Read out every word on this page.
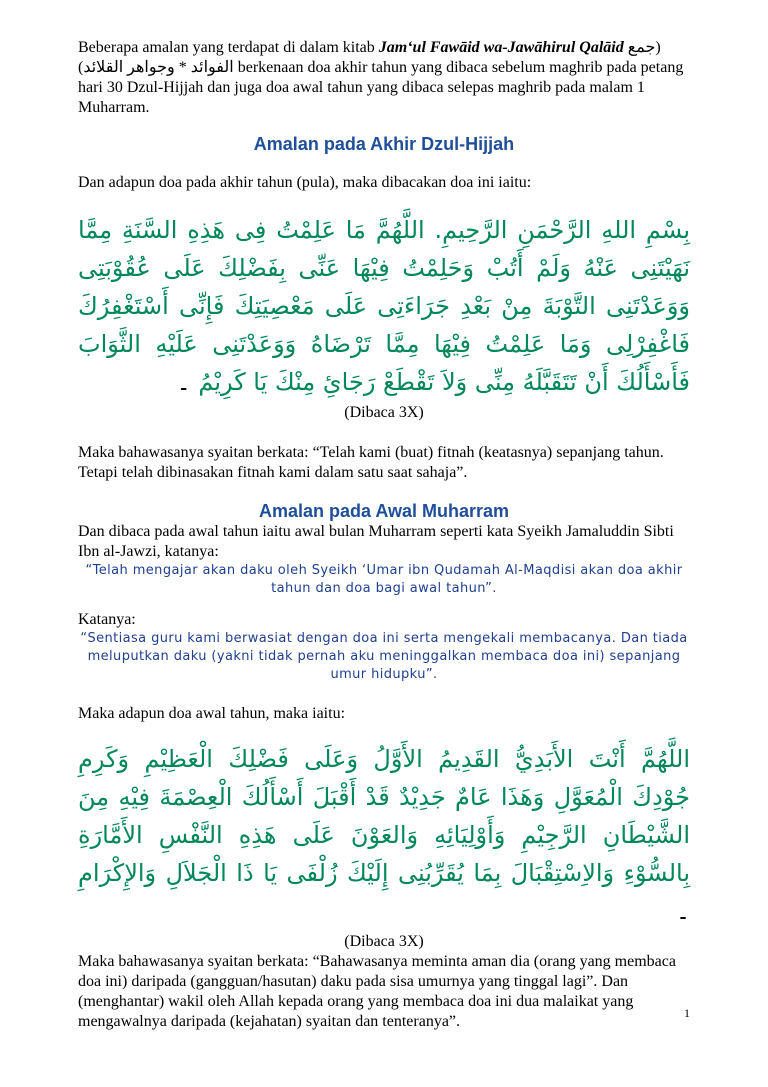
Beberapa amalan yang terdapat di dalam kitab Jam‘ul Fawāid wa-Jawāhirul Qalāid (جمع الفوائد * وجواهر القلائد) berkenaan doa akhir tahun yang dibaca sebelum maghrib pada petang hari 30 Dzul-Hijjah dan juga doa awal tahun yang dibaca selepas maghrib pada malam 1 Muharram.

Amalan pada Akhir Dzul-Hijjah

Dan adapun doa pada akhir tahun (pula), maka dibacakan doa ini iaitu:

بِسْمِ اللهِ الرَّحْمَنِ الرَّحِيمِ. اللَّهُمَّ مَا عَلِمْتُ فِى هَذِهِ السَّنَةِ مِمَّا نَهَيْتَنِى عَنْهُ وَلَمْ أَتُبْ وَحَلِمْتُ فِيْهَا عَنِّى بِفَضْلِكَ عَلَى عُقُوْبَتِى وَوَعَدْتَنِى التَّوْبَةَ مِنْ بَعْدِ جَرَاءَتِى عَلَى مَعْصِيَتِكَ فَإِنِّى أَسْتَغْفِرُكَ فَاغْفِرْلِى وَمَا عَلِمْتُ فِيْهَا مِمَّا تَرْضَاهُ وَوَعَدْتَنِى عَلَيْهِ الثَّوَابَ فَأَسْأَلُكَ أَنْ تَتَقَبَّلَهُ مِنِّى وَلاَ تَقْطَعْ رَجَائِ مِنْكَ يَا كَرِيْمُ ۔

(Dibaca 3X)

Maka bahawasanya syaitan berkata: “Telah kami (buat) fitnah (keatasnya) sepanjang tahun. Tetapi telah dibinasakan fitnah kami dalam satu saat sahaja”.

Amalan pada Awal Muharram

Dan dibaca pada awal tahun iaitu awal bulan Muharram seperti kata Syeikh Jamaluddin Sibti Ibn al-Jawzi, katanya:

“Telah mengajar akan daku oleh Syeikh ‘Umar ibn Qudamah Al-Maqdisi akan doa akhir tahun dan doa bagi awal tahun”.

Katanya:

“Sentiasa guru kami berwasiat dengan doa ini serta mengekali membacanya. Dan tiada meluputkan daku (yakni tidak pernah aku meninggalkan membaca doa ini) sepanjang umur hidupku”.

Maka adapun doa awal tahun, maka iaitu:

اللَّهُمَّ أَنْتَ الأَبَدِيُّ القَدِيمُ الأَوَّلُ وَعَلَى فَضْلِكَ الْعَظِيْمِ وَكَرِمِ جُوْدِكَ الْمُعَوَّلِ وَهَذَا عَامٌ جَدِيْدٌ قَدْ أَقْبَلَ أَسْأَلُكَ الْعِصْمَةَ فِيْهِ مِنَ الشَّيْطَانِ الرَّجِيْمِ وَأَوْلِيَائِهِ وَالعَوْنَ عَلَى هَذِهِ النَّفْسِ الأَمَّارَةِ بِالسُّوْءِ وَالاِسْتِقْبَالَ بِمَا يُقَرِّبُنِى إِلَيْكَ زُلْفَى يَا ذَا الْجَلاَلِ وَالإِكْرَامِ ۔

(Dibaca 3X)

Maka bahawasanya syaitan berkata: “Bahawasanya meminta aman dia (orang yang membaca doa ini) daripada (gangguan/hasutan) daku pada sisa umurnya yang tinggal lagi”. Dan (menghantar) wakil oleh Allah kepada orang yang membaca doa ini dua malaikat yang mengawalnya daripada (kejahatan) syaitan dan tenteranya”.	1
